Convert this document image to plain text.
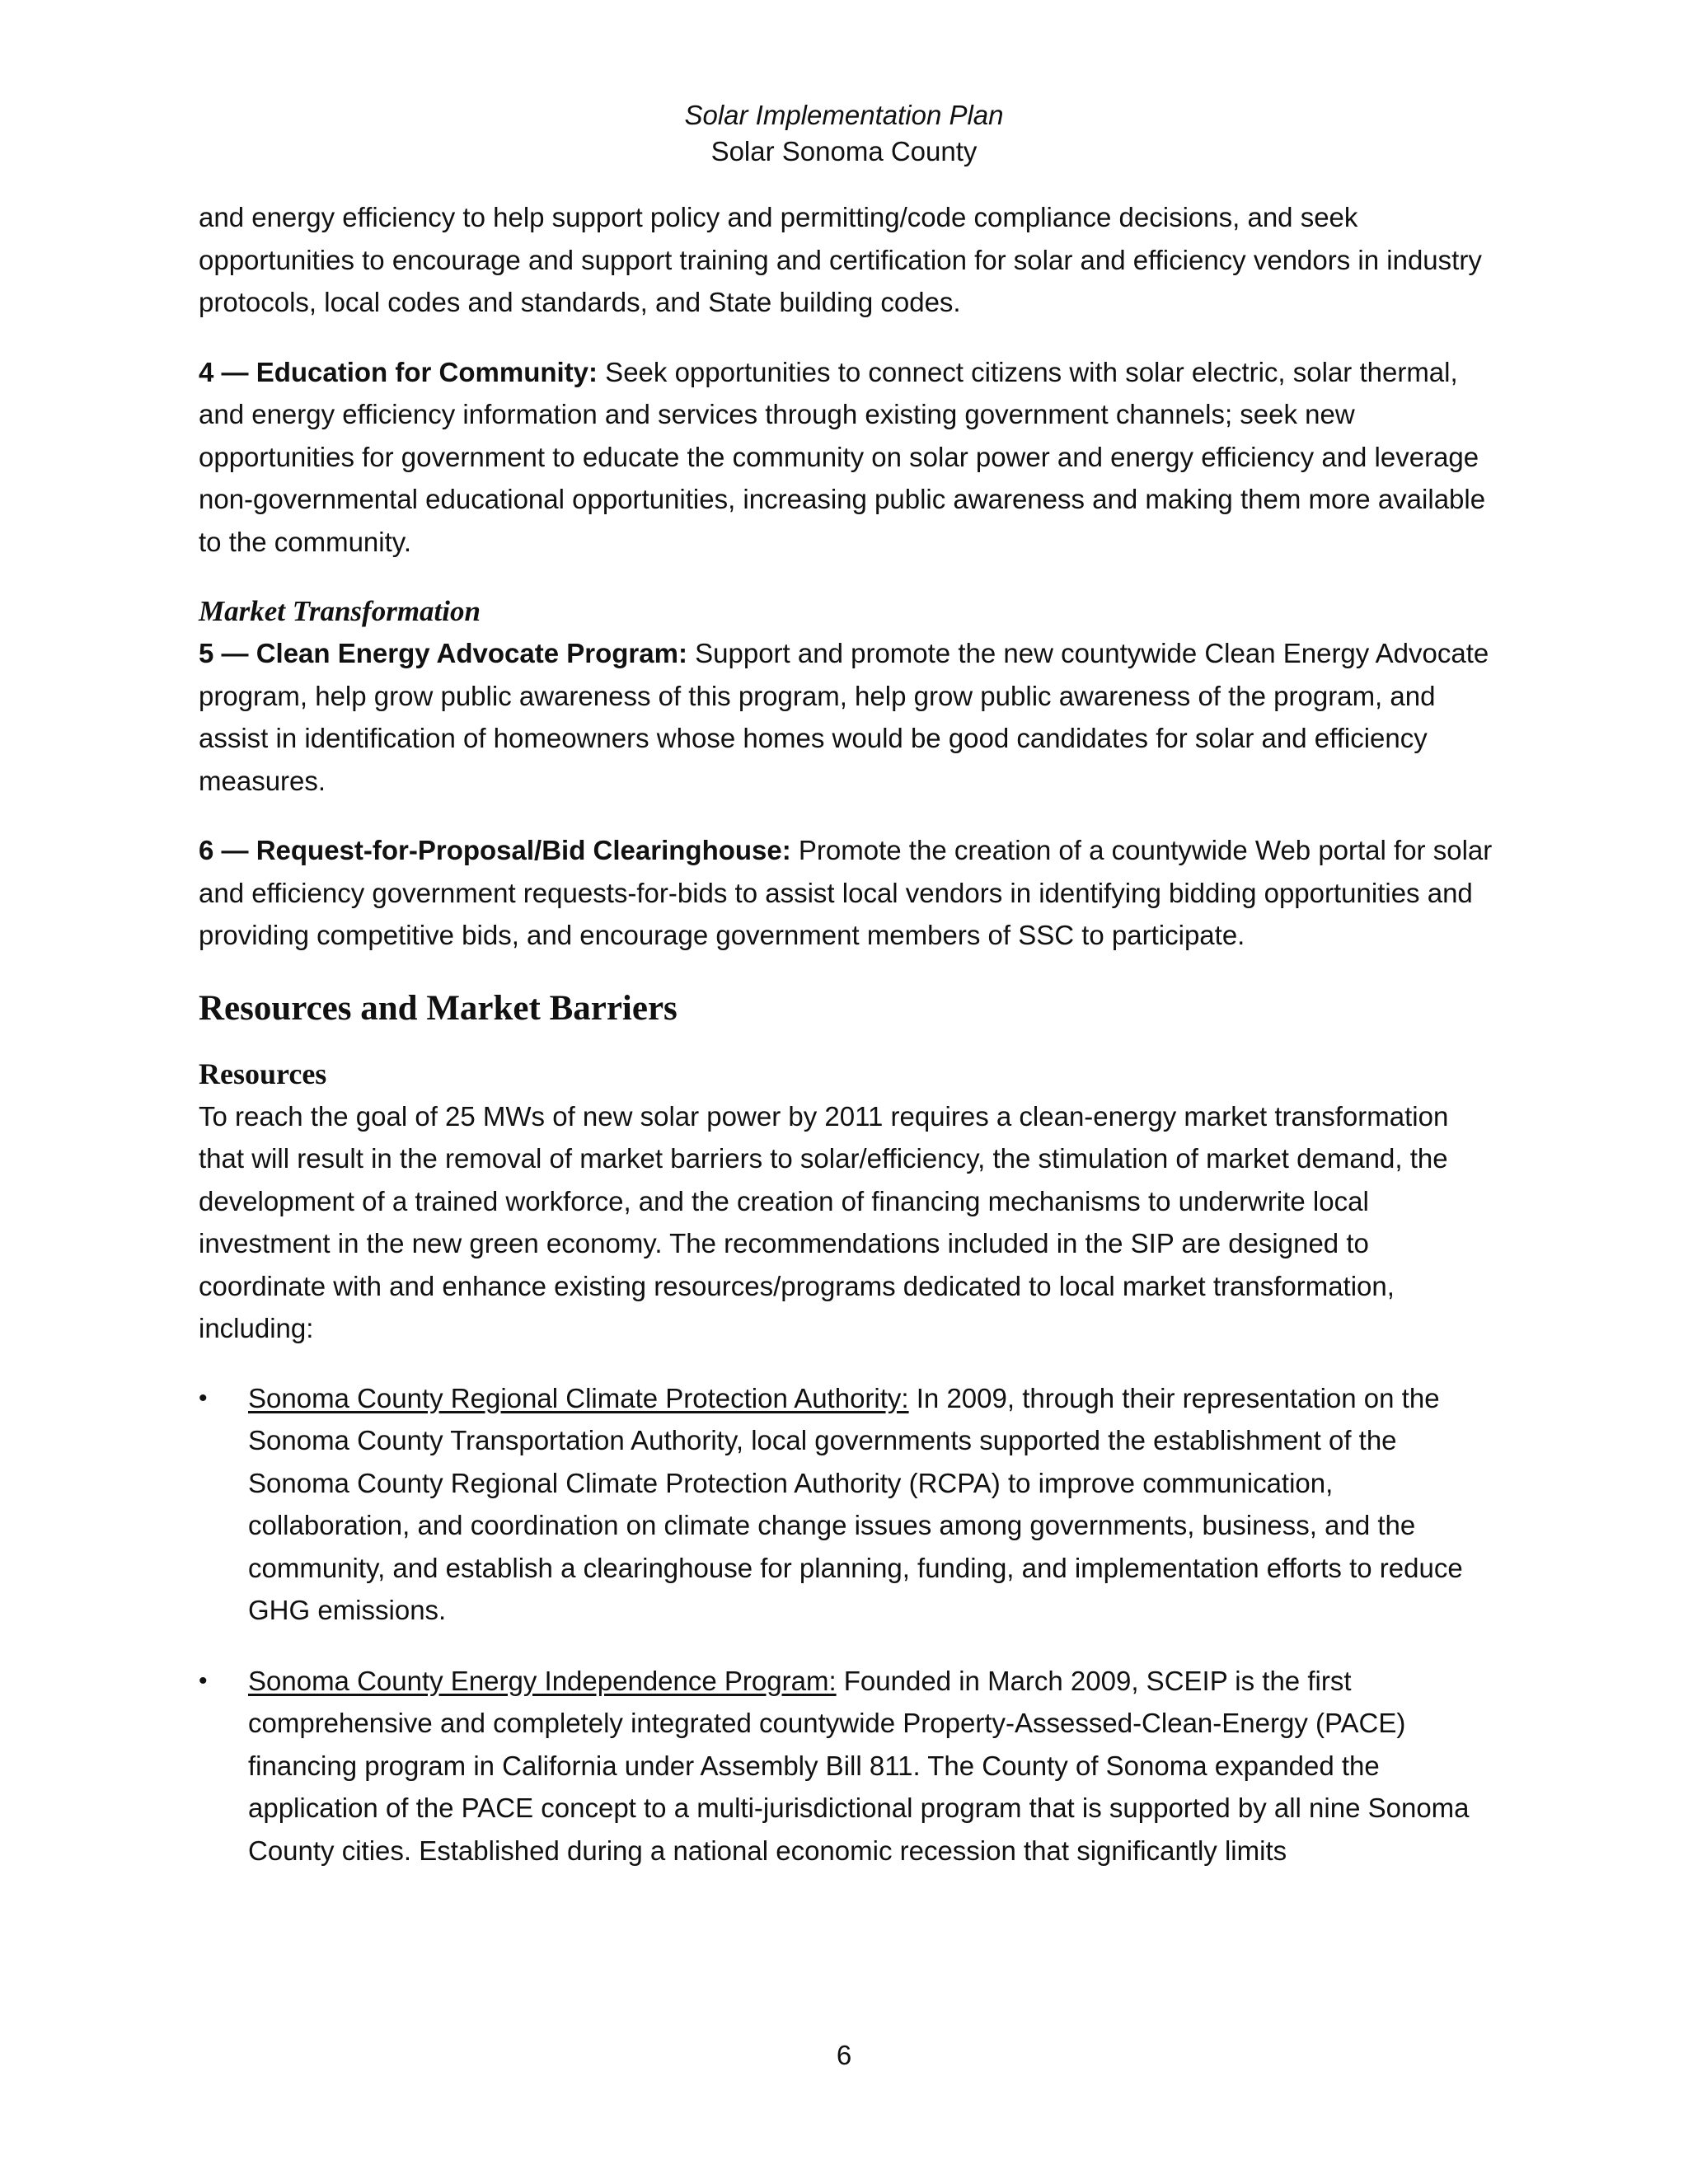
Solar Implementation Plan
Solar Sonoma County

and energy efficiency to help support policy and permitting/code compliance decisions, and seek opportunities to encourage and support training and certification for solar and efficiency vendors in industry protocols, local codes and standards, and State building codes.

4 — Education for Community: Seek opportunities to connect citizens with solar electric, solar thermal, and energy efficiency information and services through existing government channels; seek new opportunities for government to educate the community on solar power and energy efficiency and leverage non-governmental educational opportunities, increasing public awareness and making them more available to the community.

Market Transformation

5 — Clean Energy Advocate Program: Support and promote the new countywide Clean Energy Advocate program, help grow public awareness of this program, help grow public awareness of the program, and assist in identification of homeowners whose homes would be good candidates for solar and efficiency measures.

6 — Request-for-Proposal/Bid Clearinghouse: Promote the creation of a countywide Web portal for solar and efficiency government requests-for-bids to assist local vendors in identifying bidding opportunities and providing competitive bids, and encourage government members of SSC to participate.

Resources and Market Barriers
Resources

To reach the goal of 25 MWs of new solar power by 2011 requires a clean-energy market transformation that will result in the removal of market barriers to solar/efficiency, the stimulation of market demand, the development of a trained workforce, and the creation of financing mechanisms to underwrite local investment in the new green economy. The recommendations included in the SIP are designed to coordinate with and enhance existing resources/programs dedicated to local market transformation, including:

• Sonoma County Regional Climate Protection Authority: In 2009, through their representation on the Sonoma County Transportation Authority, local governments supported the establishment of the Sonoma County Regional Climate Protection Authority (RCPA) to improve communication, collaboration, and coordination on climate change issues among governments, business, and the community, and establish a clearinghouse for planning, funding, and implementation efforts to reduce GHG emissions.
• Sonoma County Energy Independence Program: Founded in March 2009, SCEIP is the first comprehensive and completely integrated countywide Property-Assessed-Clean-Energy (PACE) financing program in California under Assembly Bill 811. The County of Sonoma expanded the application of the PACE concept to a multi-jurisdictional program that is supported by all nine Sonoma County cities. Established during a national economic recession that significantly limits
6
